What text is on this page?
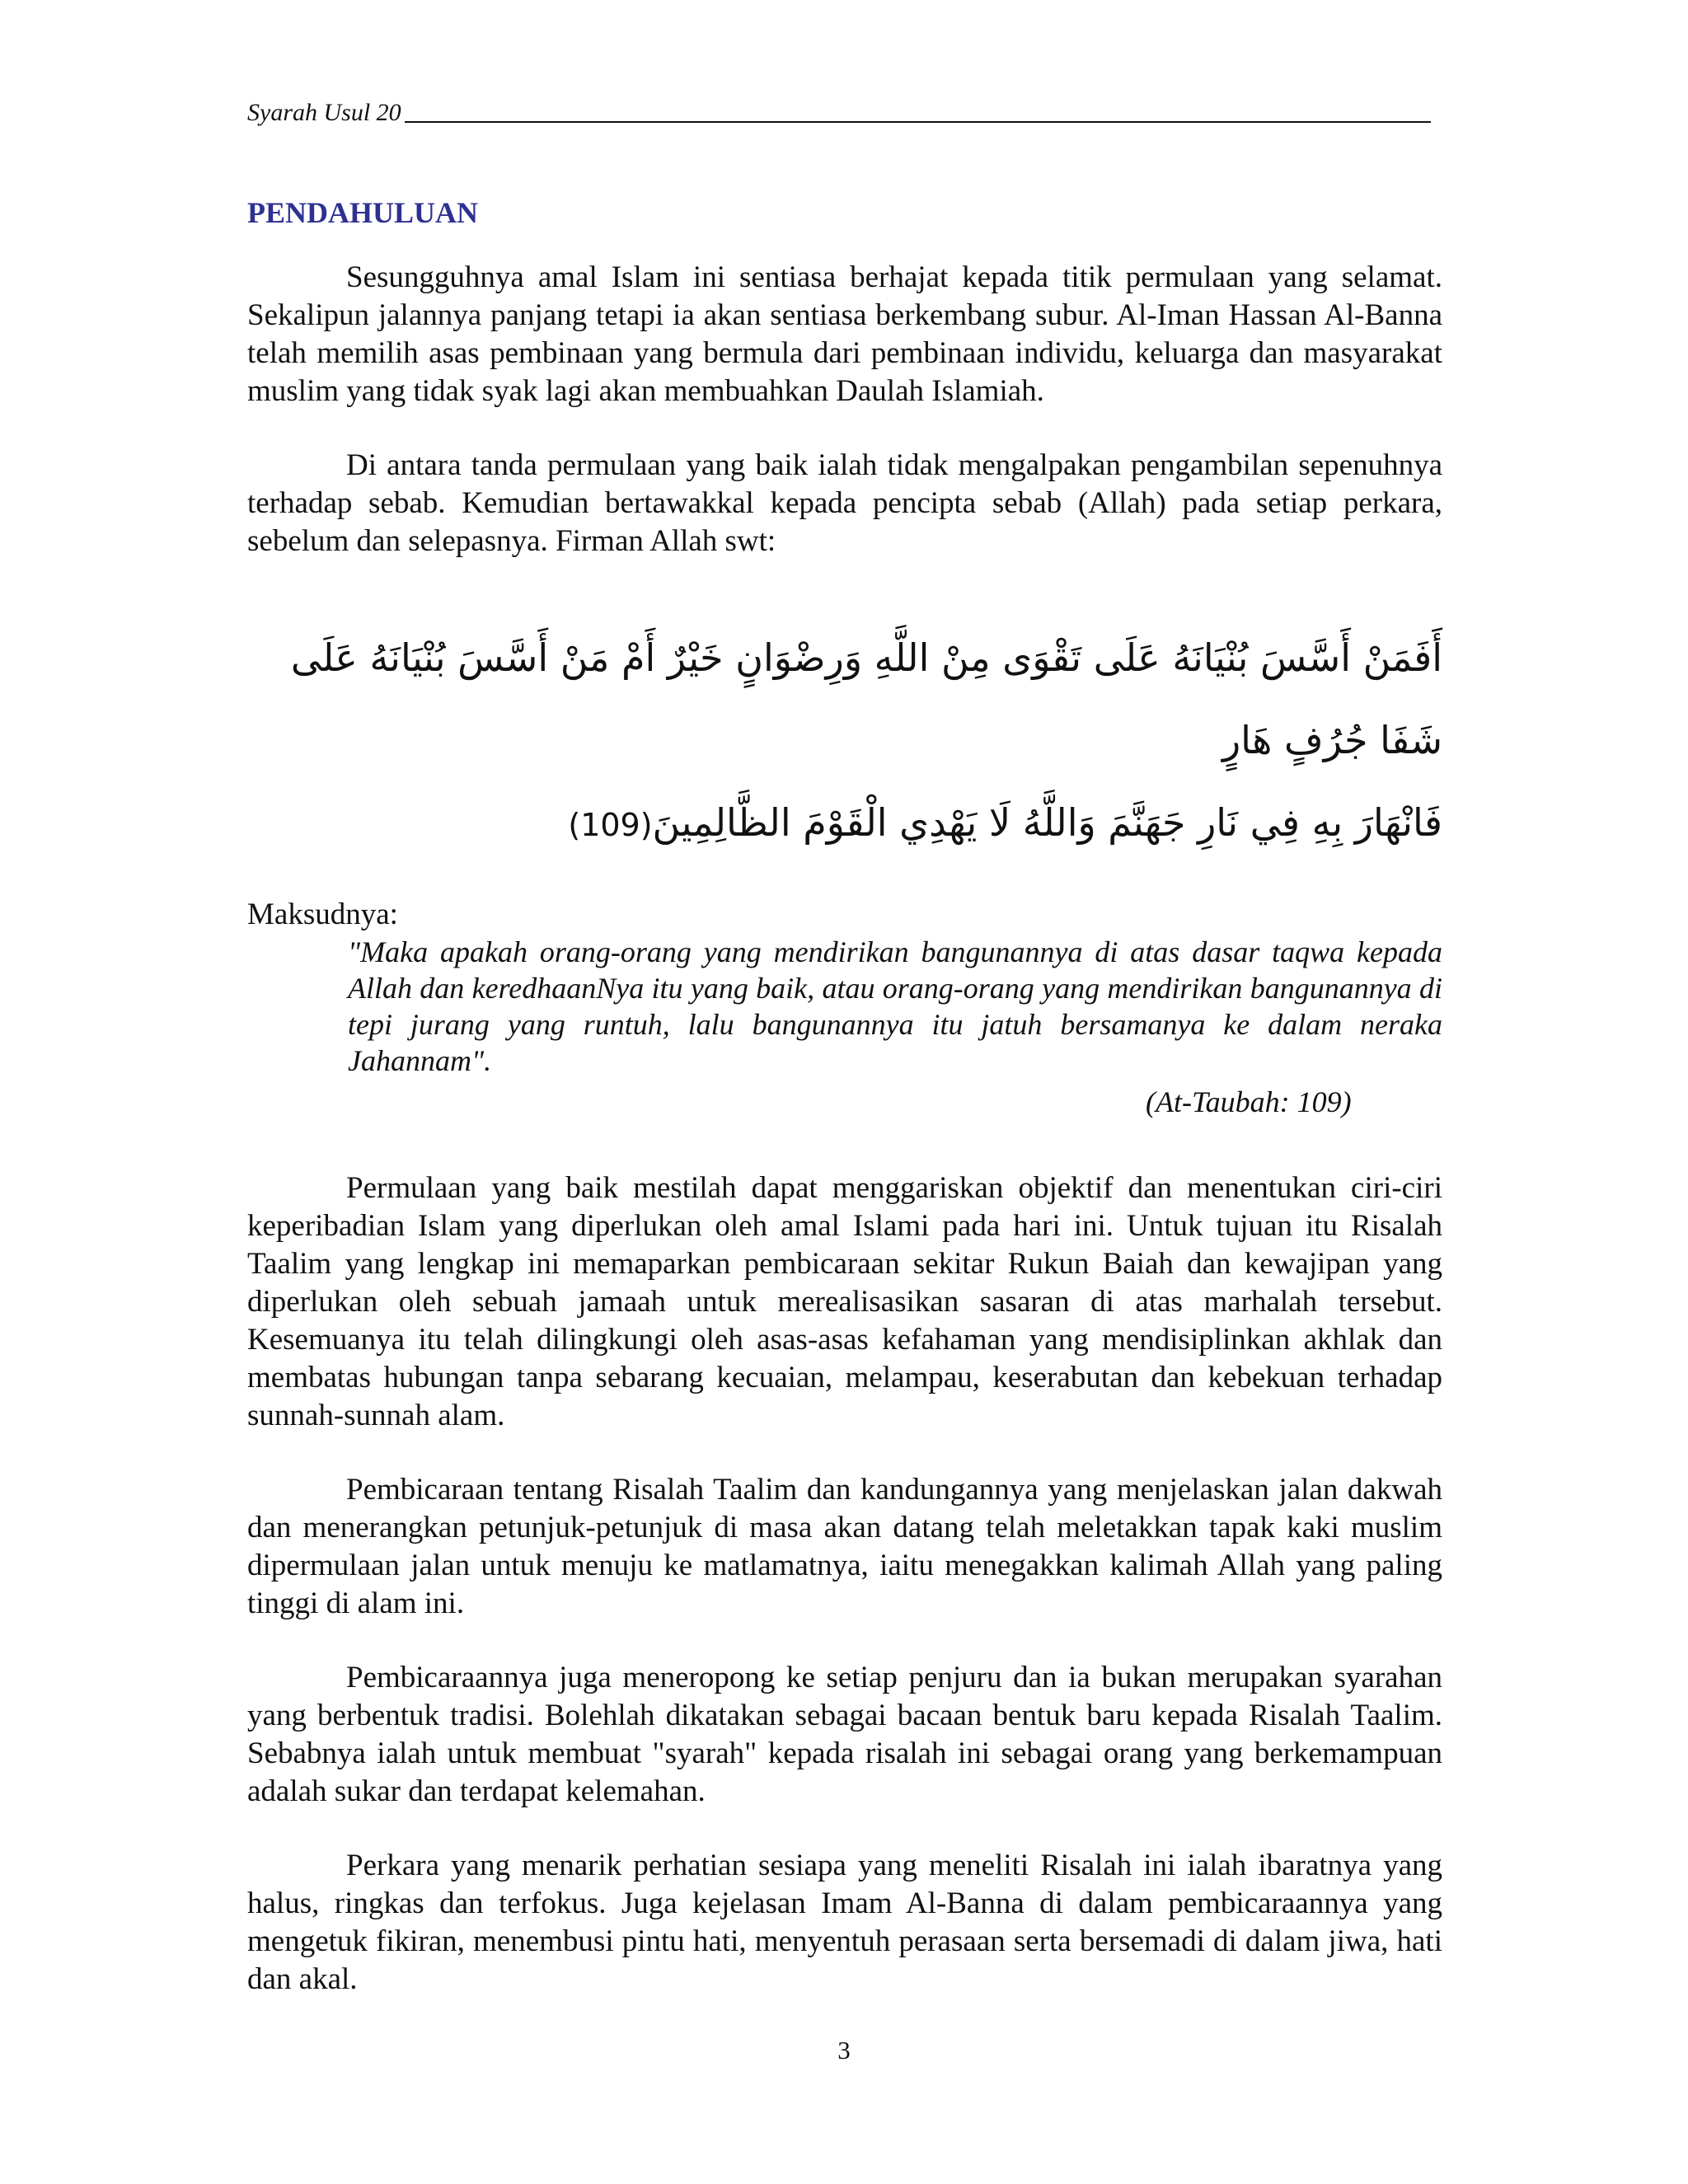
Syarah Usul 20
PENDAHULUAN

Sesungguhnya amal Islam ini sentiasa berhajat kepada titik permulaan yang selamat. Sekalipun jalannya panjang tetapi ia akan sentiasa berkembang subur. Al-Iman Hassan Al-Banna telah memilih asas pembinaan yang bermula dari pembinaan individu, keluarga dan masyarakat muslim yang tidak syak lagi akan membuahkan Daulah Islamiah.

Di antara tanda permulaan yang baik ialah tidak mengalpakan pengambilan sepenuhnya terhadap sebab. Kemudian bertawakkal kepada pencipta sebab (Allah) pada setiap perkara, sebelum dan selepasnya. Firman Allah swt:

أَفَمَنْ أَسَّسَ بُنْيَانَهُ عَلَى تَقْوَى مِنْ اللَّهِ وَرِضْوَانٍ خَيْرٌ أَمْ مَنْ أَسَّسَ بُنْيَانَهُ عَلَى شَفَا جُرُفٍ هَارٍ
فَانْهَارَ بِهِ فِي نَارِ جَهَنَّمَ وَاللَّهُ لَا يَهْدِي الْقَوْمَ الظَّالِمِينَ(109)

Maksudnya:

"Maka apakah orang-orang yang mendirikan bangunannya di atas dasar taqwa kepada Allah dan keredhaanNya itu yang baik, atau orang-orang yang mendirikan bangunannya di tepi jurang yang runtuh, lalu bangunannya itu jatuh bersamanya ke dalam neraka Jahannam".

(At-Taubah: 109)

Permulaan yang baik mestilah dapat menggariskan objektif dan menentukan ciri-ciri keperibadian Islam yang diperlukan oleh amal Islami pada hari ini. Untuk tujuan itu Risalah Taalim yang lengkap ini memaparkan pembicaraan sekitar Rukun Baiah dan kewajipan yang diperlukan oleh sebuah jamaah untuk merealisasikan sasaran di atas marhalah tersebut. Kesemuanya itu telah dilingkungi oleh asas-asas kefahaman yang mendisiplinkan akhlak dan membatas hubungan tanpa sebarang kecuaian, melampau, keserabutan dan kebekuan terhadap sunnah-sunnah alam.

Pembicaraan tentang Risalah Taalim dan kandungannya yang menjelaskan jalan dakwah dan menerangkan petunjuk-petunjuk di masa akan datang telah meletakkan tapak kaki muslim dipermulaan jalan untuk menuju ke matlamatnya, iaitu menegakkan kalimah Allah yang paling tinggi di alam ini.

Pembicaraannya juga meneropong ke setiap penjuru dan ia bukan merupakan syarahan yang berbentuk tradisi. Bolehlah dikatakan sebagai bacaan bentuk baru kepada Risalah Taalim. Sebabnya ialah untuk membuat "syarah" kepada risalah ini sebagai orang yang berkemampuan adalah sukar dan terdapat kelemahan.

Perkara yang menarik perhatian sesiapa yang meneliti Risalah ini ialah ibaratnya yang halus, ringkas dan terfokus. Juga kejelasan Imam Al-Banna di dalam pembicaraannya yang mengetuk fikiran, menembusi pintu hati, menyentuh perasaan serta bersemadi di dalam jiwa, hati dan akal.

3
